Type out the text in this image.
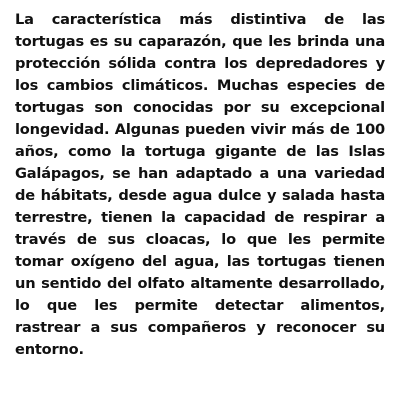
La característica más distintiva de las tortugas es su caparazón, que les brinda una protección sólida contra los depredadores y los cambios climáticos. Muchas especies de tortugas son conocidas por su excepcional longevidad. Algunas pueden vivir más de 100 años, como la tortuga gigante de las Islas Galápagos, se han adaptado a una variedad de hábitats, desde agua dulce y salada hasta terrestre, tienen la capacidad de respirar a través de sus cloacas, lo que les permite tomar oxígeno del agua, las tortugas tienen un sentido del olfato altamente desarrollado, lo que les permite detectar alimentos, rastrear a sus compañeros y reconocer su entorno.
